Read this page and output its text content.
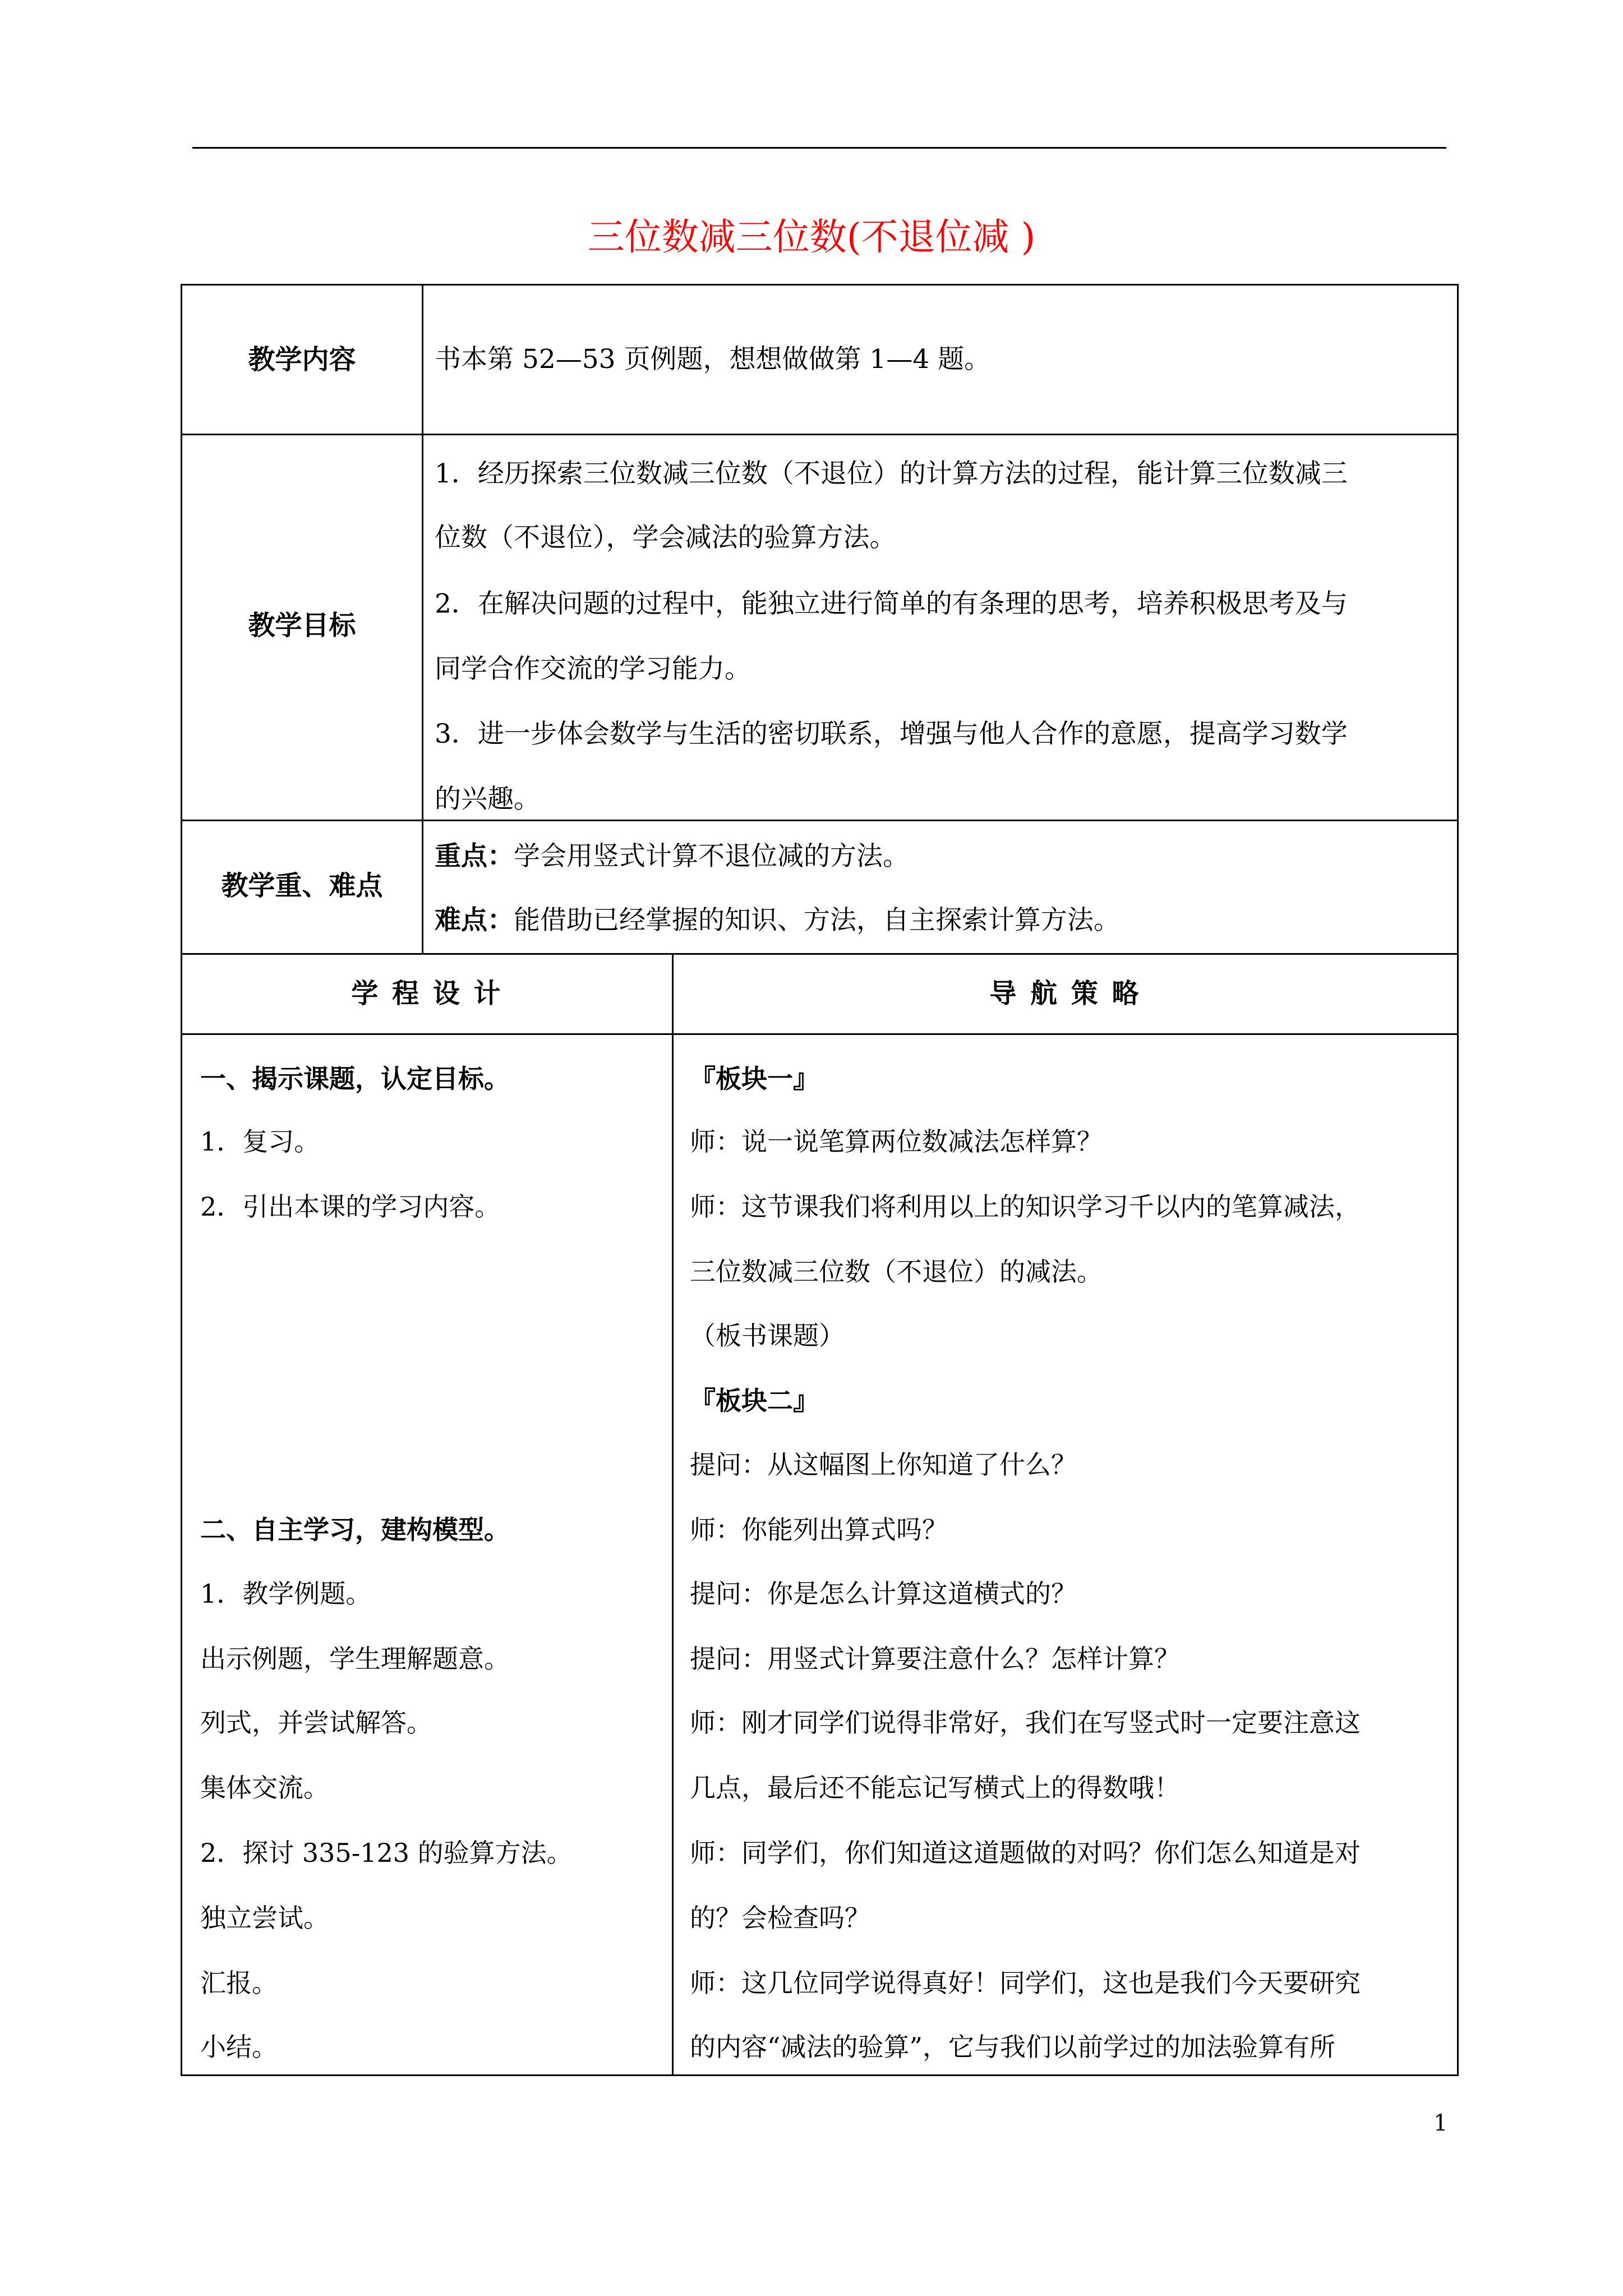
三位数减三位数(不退位减 )
教学内容	书本第 52—53 页例题，想想做做第 1—4 题。
教学目标
1．经历探索三位数减三位数（不退位）的计算方法的过程，能计算三位数减三
位数（不退位），学会减法的验算方法。
2．在解决问题的过程中，能独立进行简单的有条理的思考，培养积极思考及与
同学合作交流的学习能力。
3．进一步体会数学与生活的密切联系，增强与他人合作的意愿，提高学习数学
的兴趣。
教学重、难点
重点：学会用竖式计算不退位减的方法。
难点：能借助已经掌握的知识、方法，自主探索计算方法。
学 程 设 计	导 航 策 略
一、揭示课题，认定目标。
1．复习。
2．引出本课的学习内容。
二、自主学习，建构模型。
1．教学例题。
出示例题，学生理解题意。
列式，并尝试解答。
集体交流。
2．探讨 335-123 的验算方法。
独立尝试。
汇报。
小结。
『板块一』
师：说一说笔算两位数减法怎样算？
师：这节课我们将利用以上的知识学习千以内的笔算减法，
三位数减三位数（不退位）的减法。
（板书课题）
『板块二』
提问：从这幅图上你知道了什么？
师：你能列出算式吗？
提问：你是怎么计算这道横式的？
提问：用竖式计算要注意什么？怎样计算？
师：刚才同学们说得非常好，我们在写竖式时一定要注意这
几点，最后还不能忘记写横式上的得数哦！
师：同学们，你们知道这道题做的对吗？你们怎么知道是对
的？会检查吗？
师：这几位同学说得真好！同学们，这也是我们今天要研究
的内容“减法的验算”，它与我们以前学过的加法验算有所
1
